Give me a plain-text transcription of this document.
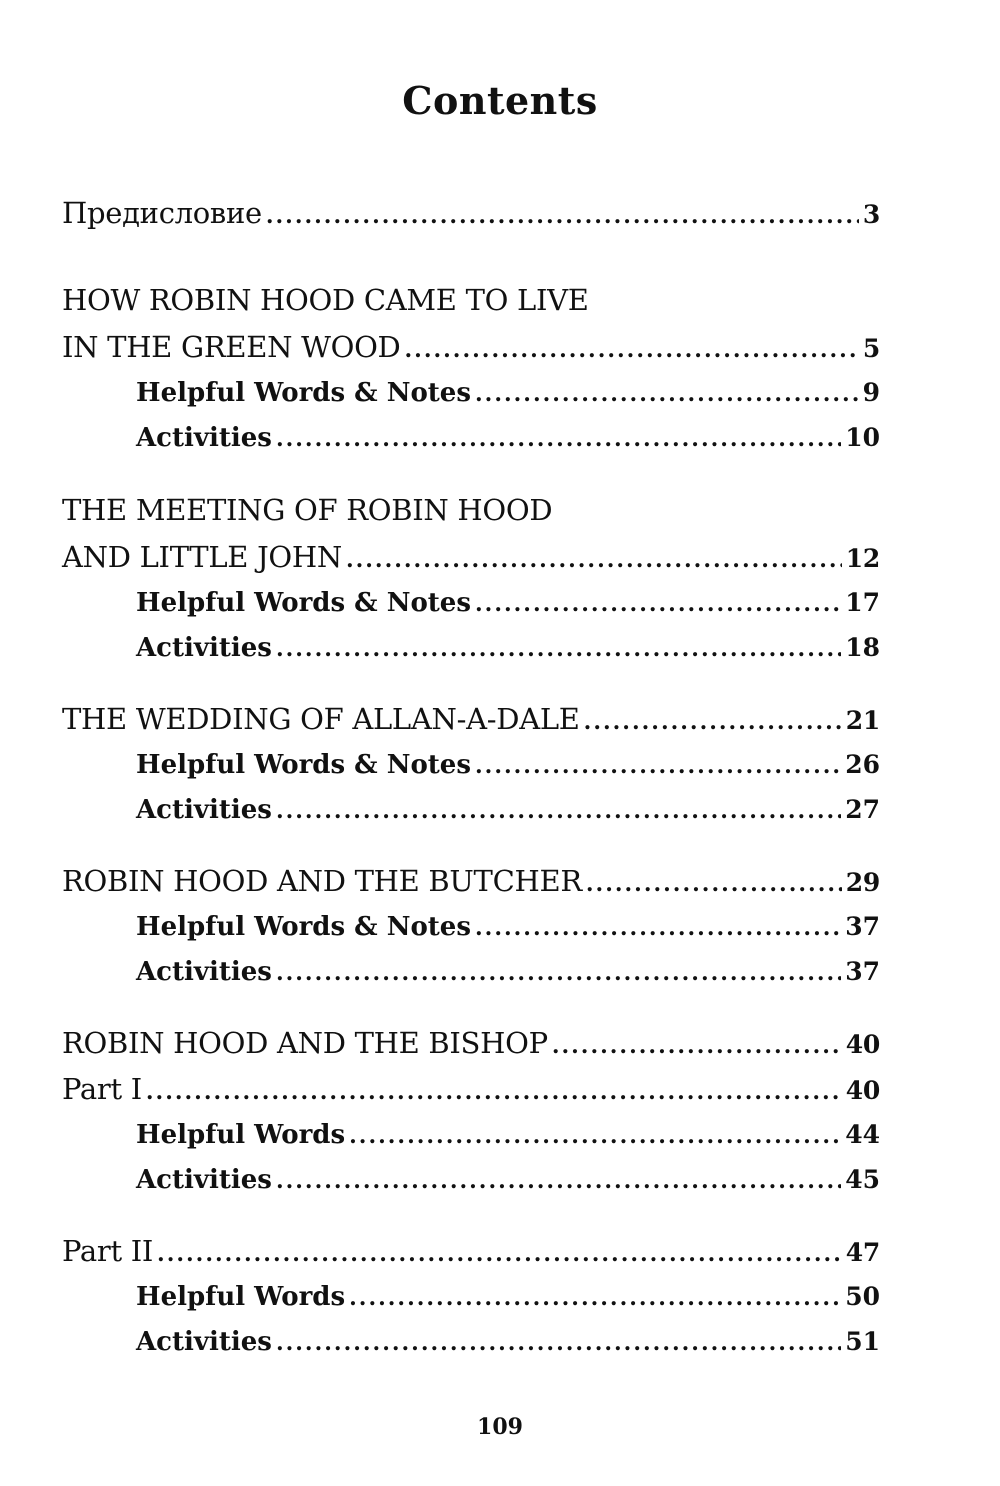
Contents
Предисловие .....	3
HOW ROBIN HOOD CAME TO LIVE
IN THE GREEN WOOD .....	5
Helpful Words & Notes .....	9
Activities .....	10
THE MEETING OF ROBIN HOOD
AND LITTLE JOHN .....	12
Helpful Words & Notes .....	17
Activities .....	18
THE WEDDING OF ALLAN-A-DALE .....	21
Helpful Words & Notes .....	26
Activities .....	27
ROBIN HOOD AND THE BUTCHER .....	29
Helpful Words & Notes .....	37
Activities .....	37
ROBIN HOOD AND THE BISHOP .....	40
Part I .....	40
Helpful Words .....	44
Activities .....	45
Part II .....	47
Helpful Words .....	50
Activities .....	51
109
